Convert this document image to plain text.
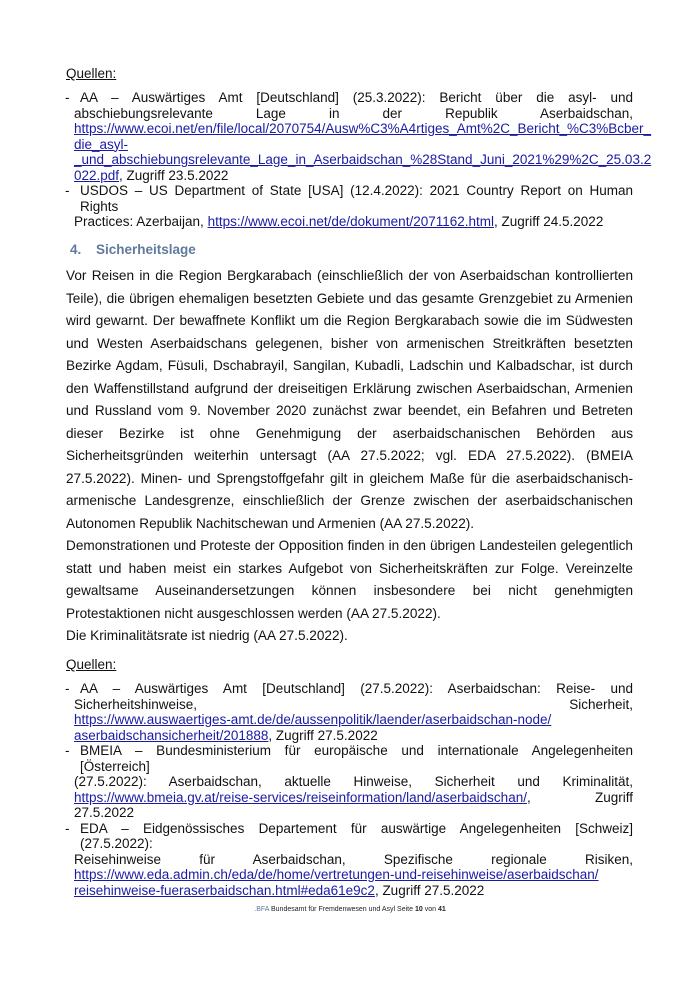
Quellen:
- AA – Auswärtiges Amt [Deutschland] (25.3.2022): Bericht über die asyl- und
abschiebungsrelevante Lage in der Republik Aserbaidschan,
https://www.ecoi.net/en/file/local/2070754/Ausw%C3%A4rtiges_Amt%2C_Bericht_%C3%Bcber_
die_asyl-
_und_abschiebungsrelevante_Lage_in_Aserbaidschan_%28Stand_Juni_2021%29%2C_25.03.2
022.pdf, Zugriff 23.5.2022
- USDOS – US Department of State [USA] (12.4.2022): 2021 Country Report on Human Rights
Practices: Azerbaijan, https://www.ecoi.net/de/dokument/2071162.html, Zugriff 24.5.2022
4. Sicherheitslage

Vor Reisen in die Region Bergkarabach (einschließlich der von Aserbaidschan kontrollierten Teile), die übrigen ehemaligen besetzten Gebiete und das gesamte Grenzgebiet zu Armenien wird gewarnt. Der bewaffnete Konflikt um die Region Bergkarabach sowie die im Südwesten und Westen Aserbaidschans gelegenen, bisher von armenischen Streitkräften besetzten Bezirke Agdam, Füsuli, Dschabrayil, Sangilan, Kubadli, Ladschin und Kalbadschar, ist durch den Waffenstillstand aufgrund der dreiseitigen Erklärung zwischen Aserbaidschan, Armenien und Russland vom 9. November 2020 zunächst zwar beendet, ein Befahren und Betreten dieser Bezirke ist ohne Genehmigung der aserbaidschanischen Behörden aus Sicherheitsgründen weiterhin untersagt (AA 27.5.2022; vgl. EDA 27.5.2022). (BMEIA 27.5.2022). Minen- und Sprengstoffgefahr gilt in gleichem Maße für die aserbaidschanisch-armenische Landesgrenze, einschließlich der Grenze zwischen der aserbaidschanischen Autonomen Republik Nachitschewan und Armenien (AA 27.5.2022).

Demonstrationen und Proteste der Opposition finden in den übrigen Landesteilen gelegentlich statt und haben meist ein starkes Aufgebot von Sicherheitskräften zur Folge. Vereinzelte gewaltsame Auseinandersetzungen können insbesondere bei nicht genehmigten Protestaktionen nicht ausgeschlossen werden (AA 27.5.2022).

Die Kriminalitätsrate ist niedrig (AA 27.5.2022).

Quellen:
- AA – Auswärtiges Amt [Deutschland] (27.5.2022): Aserbaidschan: Reise- und
Sicherheitshinweise, Sicherheit,
https://www.auswaertiges-amt.de/de/aussenpolitik/laender/aserbaidschan-node/
aserbaidschansicherheit/201888, Zugriff 27.5.2022
- BMEIA – Bundesministerium für europäische und internationale Angelegenheiten [Österreich]
(27.5.2022): Aserbaidschan, aktuelle Hinweise, Sicherheit und Kriminalität,
https://www.bmeia.gv.at/reise-services/reiseinformation/land/aserbaidschan/, Zugriff 27.5.2022
- EDA – Eidgenössisches Departement für auswärtige Angelegenheiten [Schweiz] (27.5.2022):
Reisehinweise für Aserbaidschan, Spezifische regionale Risiken,
https://www.eda.admin.ch/eda/de/home/vertretungen-und-reisehinweise/aserbaidschan/
reisehinweise-fueraserbaidschan.html#eda61e9c2, Zugriff 27.5.2022
.BFA Bundesamt für Fremdenwesen und Asyl Seite 10 von 41
